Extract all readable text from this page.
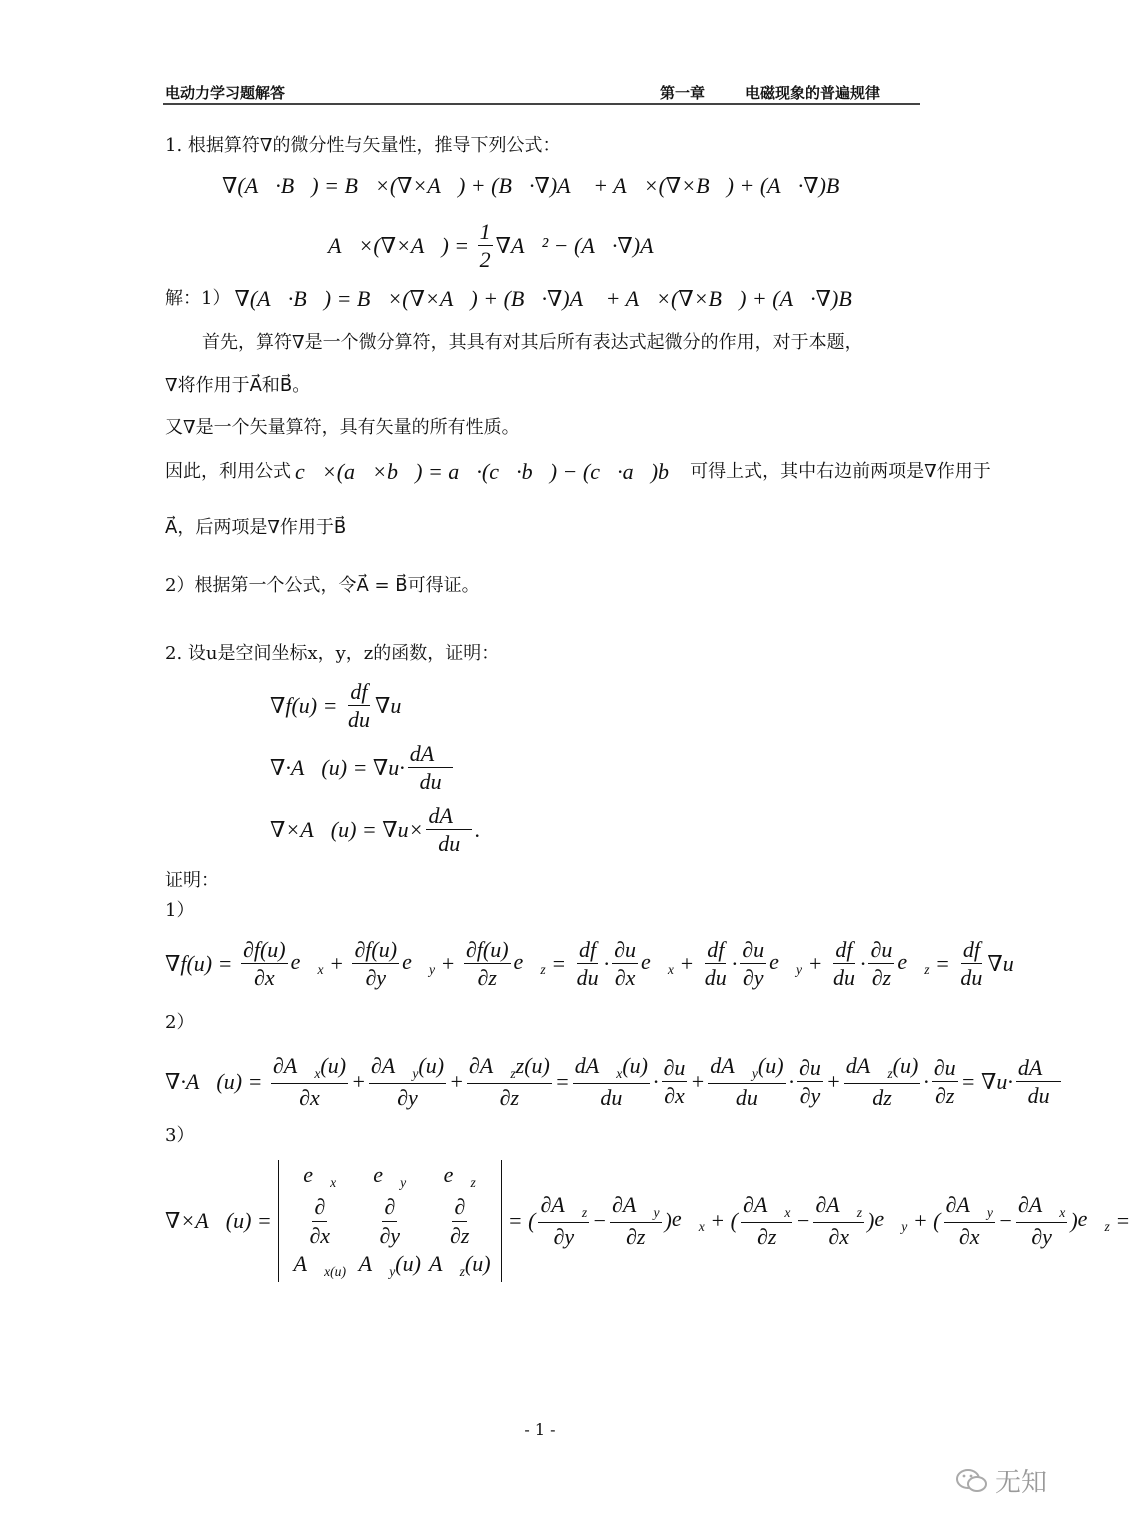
电动力学习题解答	第一章	电磁现象的普遍规律
1. 根据算符∇的微分性与矢量性，推导下列公式：
∇(A⃗·B⃗) = B⃗×(∇×A⃗) + (B⃗·∇)A⃗ + A⃗×(∇×B⃗) + (A⃗·∇)B⃗
A⃗×(∇×A⃗) = $\frac{1}{2}$ ∇A⃗² − (A⃗·∇)A⃗
解：1） ∇(A⃗·B⃗) = B⃗×(∇×A⃗) + (B⃗·∇)A⃗ + A⃗×(∇×B⃗) + (A⃗·∇)B⃗
首先，算符∇是一个微分算符，其具有对其后所有表达式起微分的作用，对于本题，
∇将作用于A⃗和B⃗。
又∇是一个矢量算符，具有矢量的所有性质。
因此，利用公式 c⃗×(a⃗×b⃗) = a⃗·(c⃗·b⃗) − (c⃗·a⃗)b⃗ 可得上式，其中右边前两项是∇作用于
A⃗，后两项是∇作用于B⃗
2）根据第一个公式，令A⃗ = B⃗可得证。
2. 设u是空间坐标x，y，z的函数，证明：
$\nabla f(u) = \frac{df}{du} \nabla u$
∇·A⃗(u) = $\nabla u\cdot \frac{dA⃗}{du}$
∇×A⃗(u) = $\nabla u\times \frac{dA⃗}{du}$ .
证明：
1）
$\nabla f(u) = \frac{\partial f(u)}{\partial x}$ $e⃗_x + \frac{\partial f(u)}{\partial y}$ $e⃗_y + \frac{\partial f(u)}{\partial z}$ $e⃗_z = \frac{df}{du} \cdot \frac{\partial u}{\partial x}$ $e⃗_x + \frac{df}{du} \cdot \frac{\partial u}{\partial y}$ $e⃗_y + \frac{df}{du} \cdot \frac{\partial u}{\partial z}$ $e⃗_z = \frac{df}{du} \nabla u$
2）
∇·A⃗(u) = $\frac{\partial A⃗_x(u)}{\partial x} + \frac{\partial A⃗_y(u)}{\partial y} + \frac{\partial A⃗_zz(u)}{\partial z} = \frac{dA⃗_x(u)}{du} \cdot \frac{\partial u}{\partial x} + \frac{dA⃗_y(u)}{du} \cdot \frac{\partial u}{\partial y} + \frac{dA⃗_z(u)}{dz} \cdot \frac{\partial u}{\partial z} = \nabla u\cdot \frac{dA⃗}{du}$
3）
∇×A⃗(u) =
$e⃗_x$ $e⃗_y$ $e⃗_z$
$\frac{\partial}{\partial x} \frac{\partial}{\partial y} \frac{\partial}{\partial z}$
$A⃗_{x(u)}$ $A⃗_y(u)$ $A⃗_z(u)$
= ( $\frac{\partial A⃗_z}{\partial y} - \frac{\partial A⃗_y}{\partial z}$ ) $e⃗_x$ + ( $\frac{\partial A⃗_x}{\partial z} - \frac{\partial A⃗_z}{\partial x}$ ) $e⃗_y$ + ( $\frac{\partial A⃗_y}{\partial x} - \frac{\partial A⃗_x}{\partial y}$ ) $e⃗_z$ =
- 1 -
无知
